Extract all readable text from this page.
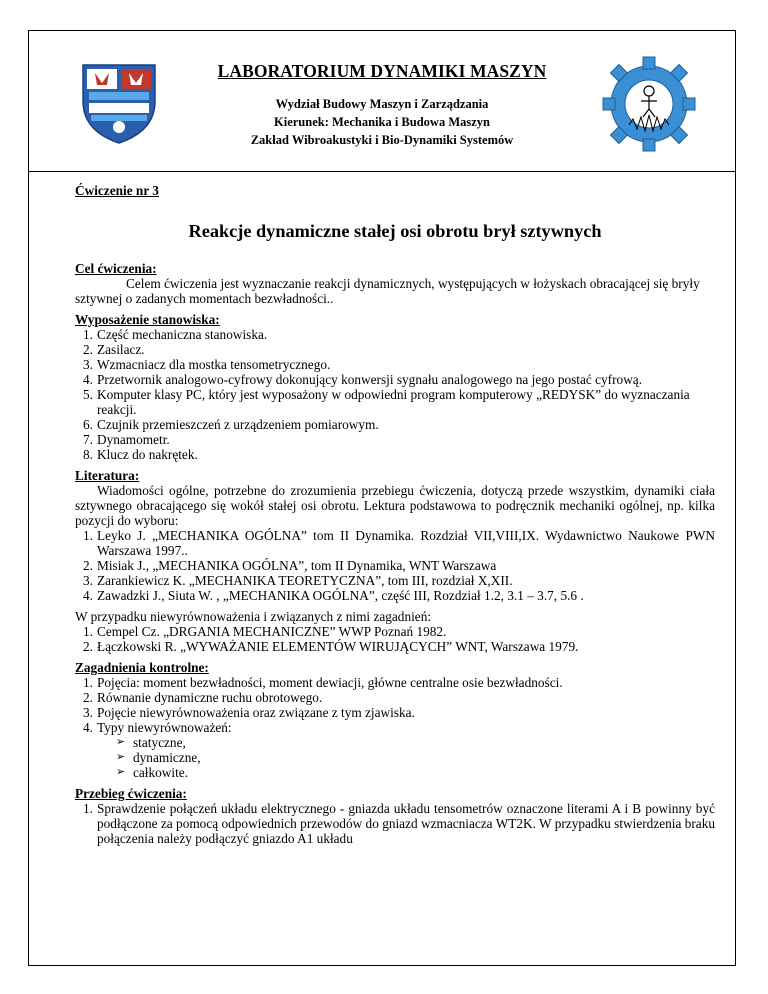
LABORATORIUM DYNAMIKI MASZYN
Wydział Budowy Maszyn i Zarządzania
Kierunek: Mechanika i Budowa Maszyn
Zakład Wibroakustyki i Bio-Dynamiki Systemów

Ćwiczenie nr 3

Reakcje dynamiczne stałej osi obrotu brył sztywnych

Cel ćwiczenia:

Celem ćwiczenia jest wyznaczanie reakcji dynamicznych, występujących w łożyskach obracającej się bryły sztywnej o zadanych momentach bezwładności..

Wyposażenie stanowiska:

1. Część mechaniczna stanowiska.
2. Zasilacz.
3. Wzmacniacz dla mostka tensometrycznego.
4. Przetwornik analogowo-cyfrowy dokonujący konwersji sygnału analogowego na jego postać cyfrową.
5. Komputer klasy PC, który jest wyposażony w odpowiedni program komputerowy „REDYSK” do wyznaczania reakcji.
6. Czujnik przemieszczeń z urządzeniem pomiarowym.
7. Dynamometr.
8. Klucz do nakrętek.

Literatura:

Wiadomości ogólne, potrzebne do zrozumienia przebiegu ćwiczenia, dotyczą przede wszystkim, dynamiki ciała sztywnego obracającego się wokół stałej osi obrotu. Lektura podstawowa to podręcznik mechaniki ogólnej, np. kilka pozycji do wyboru:

1. Leyko J. „MECHANIKA OGÓLNA” tom II Dynamika. Rozdział VII,VIII,IX. Wydawnictwo Naukowe PWN Warszawa 1997..
2. Misiak J., „MECHANIKA OGÓLNA”, tom II Dynamika, WNT Warszawa
3. Zarankiewicz K. „MECHANIKA TEORETYCZNA”, tom III, rozdział X,XII.
4. Zawadzki J., Siuta W. , „MECHANIKA OGÓLNA”, część III, Rozdział 1.2, 3.1 – 3.7, 5.6 .

W przypadku niewyrównoważenia i związanych z nimi zagadnień:

1. Cempel Cz. „DRGANIA MECHANICZNE” WWP Poznań 1982.
2. Łączkowski R. „WYWAŻANIE ELEMENTÓW WIRUJĄCYCH” WNT, Warszawa 1979.

Zagadnienia kontrolne:

1. Pojęcia: moment bezwładności, moment dewiacji, główne centralne osie bezwładności.
2. Równanie dynamiczne ruchu obrotowego.
3. Pojęcie niewyrównoważenia oraz związane z tym zjawiska.
4. Typy niewyrównoważeń:
➢ statyczne,
➢ dynamiczne,
➢ całkowite.

Przebieg ćwiczenia:

1. Sprawdzenie połączeń układu elektrycznego - gniazda układu tensometrów oznaczone literami A i B powinny być podłączone za pomocą odpowiednich przewodów do gniazd wzmacniacza WT2K. W przypadku stwierdzenia braku połączenia należy podłączyć gniazdo A1 układu
